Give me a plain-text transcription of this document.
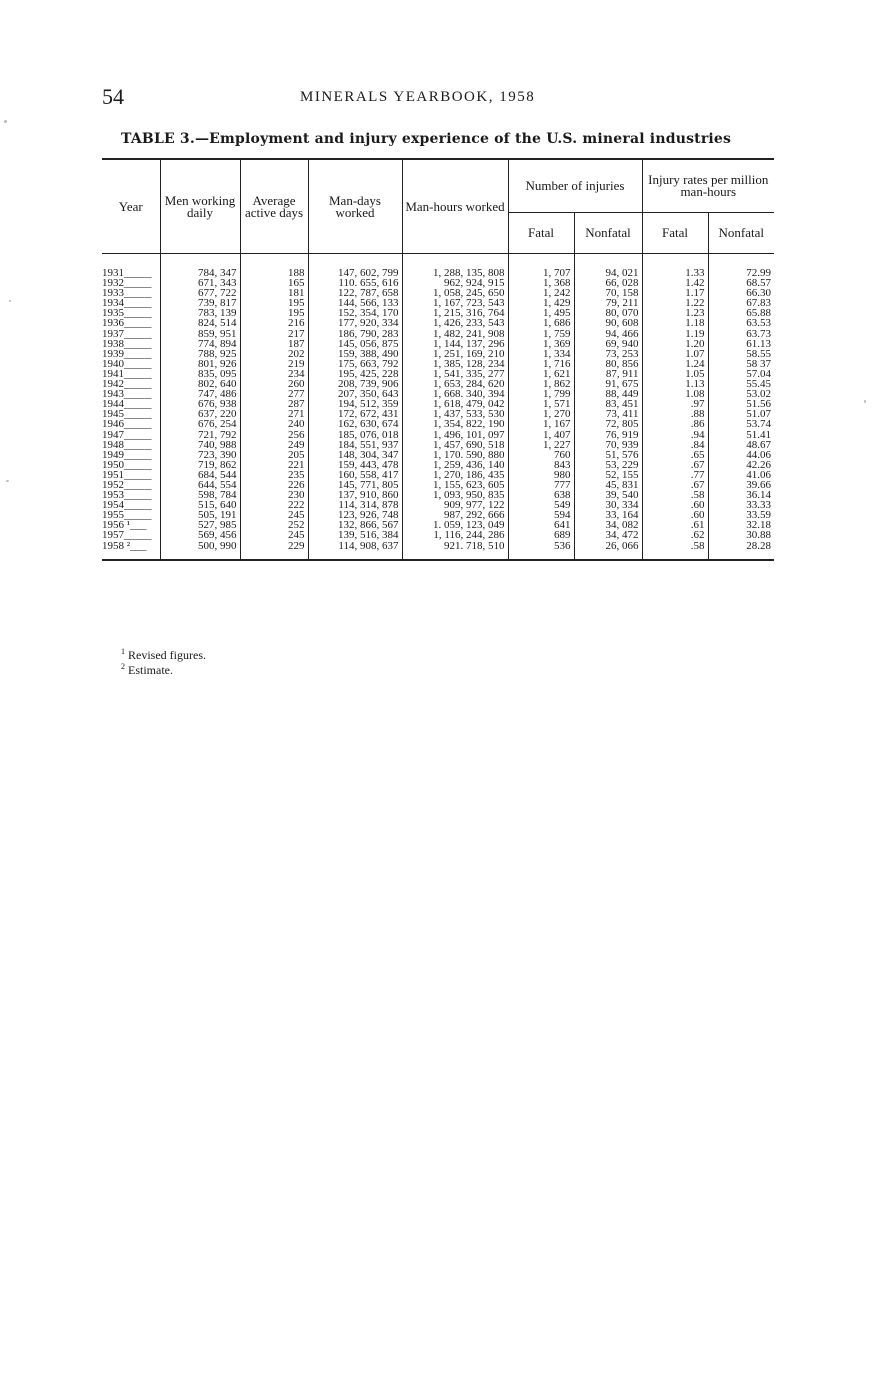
54	MINERALS YEARBOOK, 1958
TABLE 3.—Employment and injury experience of the U.S. mineral industries
Year	Men working daily	Average active days	Man-days worked	Man-hours worked	Number of injuries		Injury rates per million man-hours	
					Fatal	Nonfatal	Fatal	Nonfatal
1931_____	784, 347	188	147, 602, 799	1, 288, 135, 808	1, 707	94, 021	1.33	72.99
1932_____	671, 343	165	110. 655, 616	962, 924, 915	1, 368	66, 028	1.42	68.57
1933_____	677, 722	181	122, 787, 658	1, 058, 245, 650	1, 242	70, 158	1.17	66.30
1934_____	739, 817	195	144, 566, 133	1, 167, 723, 543	1, 429	79, 211	1.22	67.83
1935_____	783, 139	195	152, 354, 170	1, 215, 316, 764	1, 495	80, 070	1.23	65.88
1936_____	824, 514	216	177, 920, 334	1, 426, 233, 543	1, 686	90, 608	1.18	63.53
1937_____	859, 951	217	186, 790, 283	1, 482, 241, 908	1, 759	94, 466	1.19	63.73
1938_____	774, 894	187	145, 056, 875	1, 144, 137, 296	1, 369	69, 940	1.20	61.13
1939_____	788, 925	202	159, 388, 490	1, 251, 169, 210	1, 334	73, 253	1.07	58.55
1940_____	801, 926	219	175, 663, 792	1, 385, 128, 234	1, 716	80, 856	1.24	58 37
1941_____	835, 095	234	195, 425, 228	1, 541, 335, 277	1, 621	87, 911	1.05	57.04
1942_____	802, 640	260	208, 739, 906	1, 653, 284, 620	1, 862	91, 675	1.13	55.45
1943_____	747, 486	277	207, 350, 643	1, 668. 340, 394	1, 799	88, 449	1.08	53.02
1944_____	676, 938	287	194, 512, 359	1, 618, 479, 042	1, 571	83, 451	.97	51.56
1945_____	637, 220	271	172, 672, 431	1, 437, 533, 530	1, 270	73, 411	.88	51.07
1946_____	676, 254	240	162, 630, 674	1, 354, 822, 190	1, 167	72, 805	.86	53.74
1947_____	721, 792	256	185, 076, 018	1, 496, 101, 097	1, 407	76, 919	.94	51.41
1948_____	740, 988	249	184, 551, 937	1, 457, 690, 518	1, 227	70, 939	.84	48.67
1949_____	723, 390	205	148, 304, 347	1, 170. 590, 880	760	51, 576	.65	44.06
1950_____	719, 862	221	159, 443, 478	1, 259, 436, 140	843	53, 229	.67	42.26
1951_____	684, 544	235	160, 558, 417	1, 270, 186, 435	980	52, 155	.77	41.06
1952_____	644, 554	226	145, 771, 805	1, 155, 623, 605	777	45, 831	.67	39.66
1953_____	598, 784	230	137, 910, 860	1, 093, 950, 835	638	39, 540	.58	36.14
1954_____	515, 640	222	114, 314, 878	909, 977, 122	549	30, 334	.60	33.33
1955_____	505, 191	245	123, 926, 748	987, 292, 666	594	33, 164	.60	33.59
1956 ¹___	527, 985	252	132, 866, 567	1. 059, 123, 049	641	34, 082	.61	32.18
1957_____	569, 456	245	139, 516, 384	1, 116, 244, 286	689	34, 472	.62	30.88
1958 ²___	500, 990	229	114, 908, 637	921. 718, 510	536	26, 066	.58	28.28
$^1$ Revised figures.
$^2$ Estimate.
